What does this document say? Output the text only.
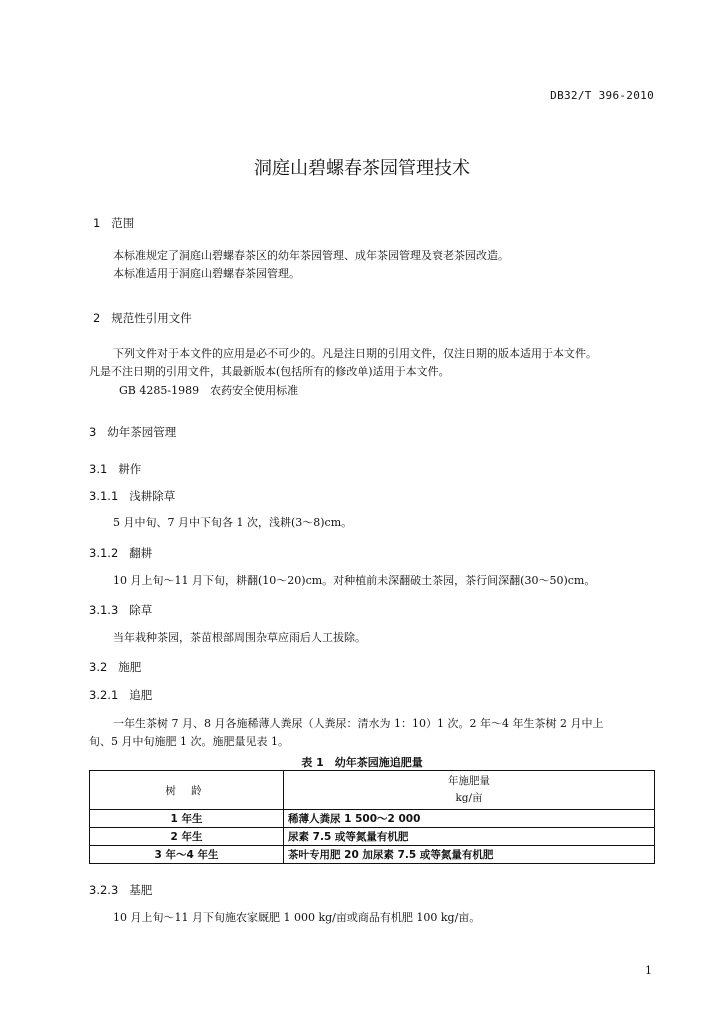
DB32/T 396-2010
洞庭山碧螺春茶园管理技术
1 范围
本标准规定了洞庭山碧螺春茶区的幼年茶园管理、成年茶园管理及衰老茶园改造。
本标准适用于洞庭山碧螺春茶园管理。
2 规范性引用文件
下列文件对于本文件的应用是必不可少的。凡是注日期的引用文件，仅注日期的版本适用于本文件。
凡是不注日期的引用文件，其最新版本(包括所有的修改单)适用于本文件。
GB 4285-1989　农药安全使用标准
3 幼年茶园管理
3.1 耕作
3.1.1 浅耕除草
5 月中旬、7 月中下旬各 1 次，浅耕(3～8)cm。
3.1.2 翻耕
10 月上旬～11 月下旬，耕翻(10～20)cm。对种植前未深翻破土茶园，茶行间深翻(30～50)cm。
3.1.3 除草
当年栽种茶园，茶苗根部周围杂草应雨后人工拔除。
3.2 施肥
3.2.1 追肥
一年生茶树 7 月、8 月各施稀薄人粪尿（人粪尿：清水为 1：10）1 次。2 年～4 年生茶树 2 月中上
旬、5 月中旬施肥 1 次。施肥量见表 1。
表 1　幼年茶园施追肥量
树 龄	年施肥量
kg/亩

1 年生	稀薄人粪尿 1 500～2 000
2 年生	尿素 7.5 或等氮量有机肥
3 年～4 年生	茶叶专用肥 20 加尿素 7.5 或等氮量有机肥
3.2.3 基肥
10 月上旬～11 月下旬施农家厩肥 1 000 kg/亩或商品有机肥 100 kg/亩。
1
